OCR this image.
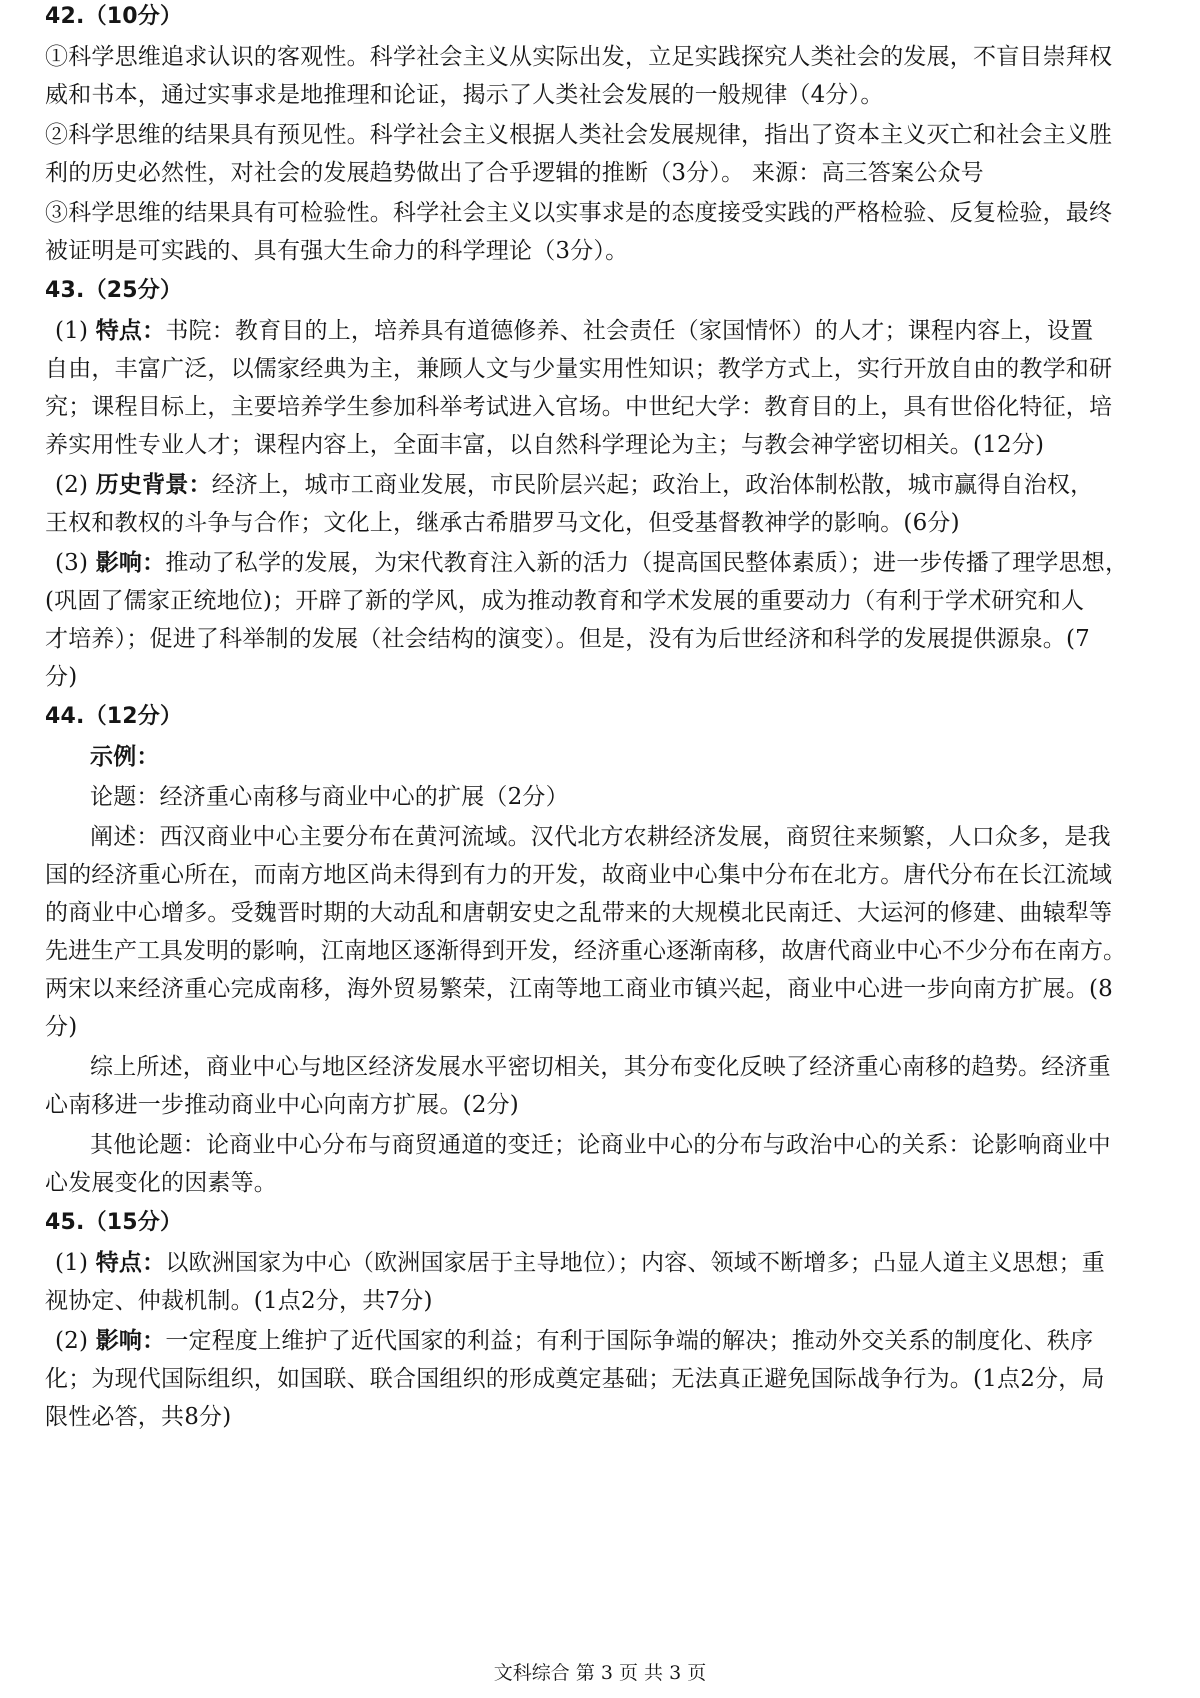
42.（10分）
①科学思维追求认识的客观性。科学社会主义从实际出发，立足实践探究人类社会的发展，不盲目崇拜权
威和书本，通过实事求是地推理和论证，揭示了人类社会发展的一般规律（4分）。
②科学思维的结果具有预见性。科学社会主义根据人类社会发展规律，指出了资本主义灭亡和社会主义胜
利的历史必然性，对社会的发展趋势做出了合乎逻辑的推断（3分）。 来源：高三答案公众号
③科学思维的结果具有可检验性。科学社会主义以实事求是的态度接受实践的严格检验、反复检验，最终
被证明是可实践的、具有强大生命力的科学理论（3分）。
43.（25分）
(1) 特点：书院：教育目的上，培养具有道德修养、社会责任（家国情怀）的人才；课程内容上，设置
自由，丰富广泛，以儒家经典为主，兼顾人文与少量实用性知识；教学方式上，实行开放自由的教学和研
究；课程目标上，主要培养学生参加科举考试进入官场。中世纪大学：教育目的上，具有世俗化特征，培
养实用性专业人才；课程内容上，全面丰富，以自然科学理论为主；与教会神学密切相关。(12分)
(2) 历史背景：经济上，城市工商业发展，市民阶层兴起；政治上，政治体制松散，城市赢得自治权，
王权和教权的斗争与合作；文化上，继承古希腊罗马文化，但受基督教神学的影响。(6分)
(3) 影响：推动了私学的发展，为宋代教育注入新的活力（提高国民整体素质）；进一步传播了理学思想，
(巩固了儒家正统地位)；开辟了新的学风，成为推动教育和学术发展的重要动力（有利于学术研究和人
才培养）；促进了科举制的发展（社会结构的演变）。但是，没有为后世经济和科学的发展提供源泉。(7
分)
44.（12分）
示例：
论题：经济重心南移与商业中心的扩展（2分）
阐述：西汉商业中心主要分布在黄河流域。汉代北方农耕经济发展，商贸往来频繁，人口众多，是我
国的经济重心所在，而南方地区尚未得到有力的开发，故商业中心集中分布在北方。唐代分布在长江流域
的商业中心增多。受魏晋时期的大动乱和唐朝安史之乱带来的大规模北民南迁、大运河的修建、曲辕犁等
先进生产工具发明的影响，江南地区逐渐得到开发，经济重心逐渐南移，故唐代商业中心不少分布在南方。
两宋以来经济重心完成南移，海外贸易繁荣，江南等地工商业市镇兴起，商业中心进一步向南方扩展。(8
分)
综上所述，商业中心与地区经济发展水平密切相关，其分布变化反映了经济重心南移的趋势。经济重
心南移进一步推动商业中心向南方扩展。(2分)
其他论题：论商业中心分布与商贸通道的变迁；论商业中心的分布与政治中心的关系：论影响商业中
心发展变化的因素等。
45.（15分）
(1) 特点：以欧洲国家为中心（欧洲国家居于主导地位）；内容、领域不断增多；凸显人道主义思想；重
视协定、仲裁机制。(1点2分，共7分)
(2) 影响：一定程度上维护了近代国家的利益；有利于国际争端的解决；推动外交关系的制度化、秩序
化；为现代国际组织，如国联、联合国组织的形成奠定基础；无法真正避免国际战争行为。(1点2分，局
限性必答，共8分)
文科综合 第 3 页 共 3 页
